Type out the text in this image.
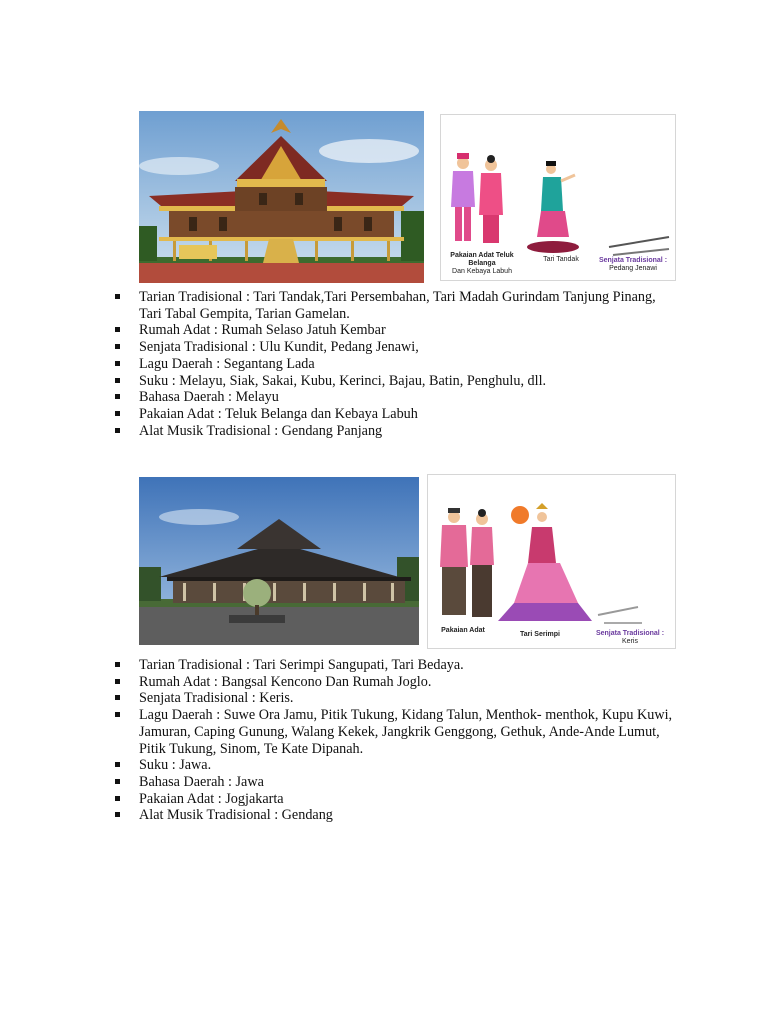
Pakaian Adat Teluk
Belanga
Dan Kebaya Labuh
Tari Tandak	Senjata Tradisional :
Pedang Jenawi
Tarian Tradisional : Tari Tandak,Tari Persembahan, Tari Madah Gurindam Tanjung Pinang, Tari Tabal Gempita, Tarian Gamelan.
Rumah Adat : Rumah Selaso Jatuh Kembar
Senjata Tradisional : Ulu Kundit, Pedang Jenawi,
Lagu Daerah : Segantang Lada
Suku : Melayu, Siak, Sakai, Kubu, Kerinci, Bajau, Batin, Penghulu, dll.
Bahasa Daerah : Melayu
Pakaian Adat : Teluk Belanga dan Kebaya Labuh
Alat Musik Tradisional : Gendang Panjang
Pakaian Adat
Tari Serimpi	Senjata Tradisional :
Keris
Tarian Tradisional : Tari Serimpi Sangupati, Tari Bedaya.
Rumah Adat : Bangsal Kencono Dan Rumah Joglo.
Senjata Tradisional : Keris.
Lagu Daerah : Suwe Ora Jamu, Pitik Tukung, Kidang Talun, Menthok- menthok, Kupu Kuwi, Jamuran, Caping Gunung, Walang Kekek, Jangkrik Genggong, Gethuk, Ande-Ande Lumut, Pitik Tukung, Sinom, Te Kate Dipanah.
Suku : Jawa.
Bahasa Daerah : Jawa
Pakaian Adat : Jogjakarta
Alat Musik Tradisional : Gendang
